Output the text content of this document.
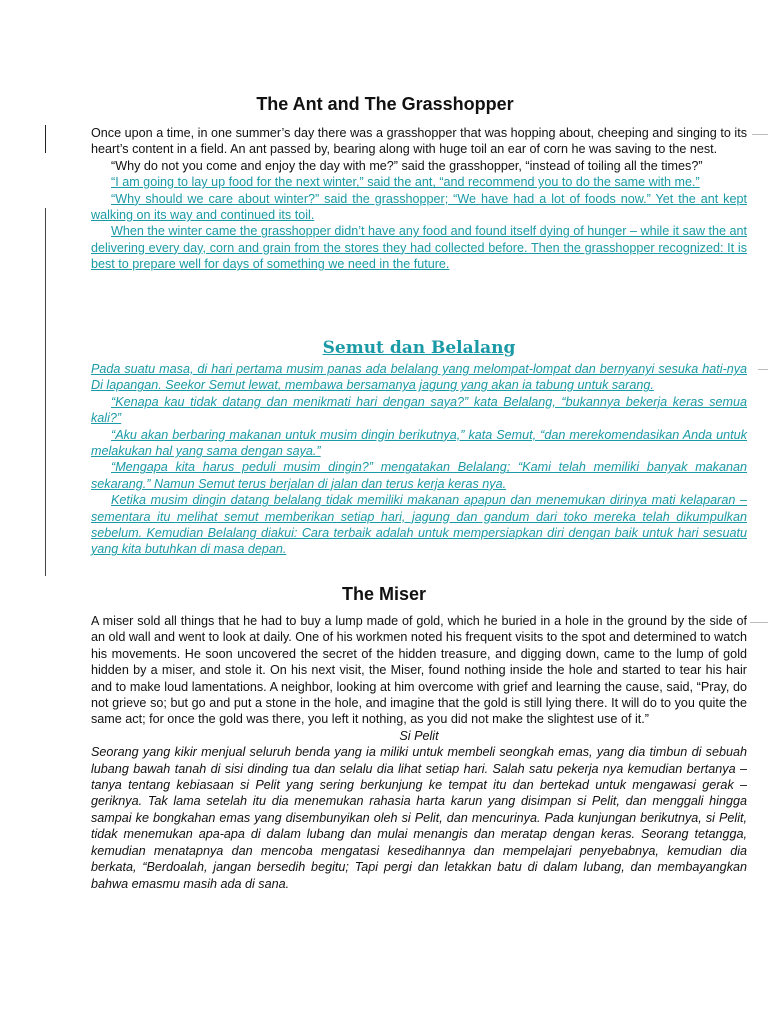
The Ant and The Grasshopper

Once upon a time, in one summer’s day there was a grasshopper that was hopping about, cheeping and singing to its heart’s content in a field. An ant passed by, bearing along with huge toil an ear of corn he was saving to the nest.

“Why do not you come and enjoy the day with me?” said the grasshopper, “instead of toiling all the times?”

“I am going to lay up food for the next winter,” said the ant, “and recommend you to do the same with me.”

“Why should we care about winter?” said the grasshopper; “We have had a lot of foods now.” Yet the ant kept walking on its way and continued its toil.

When the winter came the grasshopper didn’t have any food and found itself dying of hunger – while it saw the ant delivering every day, corn and grain from the stores they had collected before. Then the grasshopper recognized: It is best to prepare well for days of something we need in the future.

Semut dan Belalang

Pada suatu masa, di hari pertama musim panas ada belalang yang melompat-lompat dan bernyanyi sesuka hati-nya Di lapangan. Seekor Semut lewat, membawa bersamanya jagung yang akan ia tabung untuk sarang.

“Kenapa kau tidak datang dan menikmati hari dengan saya?” kata Belalang, “bukannya bekerja keras semua kali?”

“Aku akan berbaring makanan untuk musim dingin berikutnya,” kata Semut, “dan merekomendasikan Anda untuk melakukan hal yang sama dengan saya.”

“Mengapa kita harus peduli musim dingin?” mengatakan Belalang; “Kami telah memiliki banyak makanan sekarang.” Namun Semut terus berjalan di jalan dan terus kerja keras nya.

Ketika musim dingin datang belalang tidak memiliki makanan apapun dan menemukan dirinya mati kelaparan – sementara itu melihat semut memberikan setiap hari, jagung dan gandum dari toko mereka telah dikumpulkan sebelum. Kemudian Belalang diakui: Cara terbaik adalah untuk mempersiapkan diri dengan baik untuk hari sesuatu yang kita butuhkan di masa depan.

The Miser

A miser sold all things that he had to buy a lump made of gold, which he buried in a hole in the ground by the side of an old wall and went to look at daily. One of his workmen noted his frequent visits to the spot and determined to watch his movements. He soon uncovered the secret of the hidden treasure, and digging down, came to the lump of gold hidden by a miser, and stole it. On his next visit, the Miser, found nothing inside the hole and started to tear his hair and to make loud lamentations. A neighbor, looking at him overcome with grief and learning the cause, said, “Pray, do not grieve so; but go and put a stone in the hole, and imagine that the gold is still lying there. It will do to you quite the same act; for once the gold was there, you left it nothing, as you did not make the slightest use of it.”

Si Pelit

Seorang yang kikir menjual seluruh benda yang ia miliki untuk membeli seongkah emas, yang dia timbun di sebuah lubang bawah tanah di sisi dinding tua dan selalu dia lihat setiap hari. Salah satu pekerja nya kemudian bertanya – tanya tentang kebiasaan si Pelit yang sering berkunjung ke tempat itu dan bertekad untuk mengawasi gerak – geriknya. Tak lama setelah itu dia menemukan rahasia harta karun yang disimpan si Pelit, dan menggali hingga sampai ke bongkahan emas yang disembunyikan oleh si Pelit, dan mencurinya. Pada kunjungan berikutnya, si Pelit, tidak menemukan apa-apa di dalam lubang dan mulai menangis dan meratap dengan keras. Seorang tetangga, kemudian menatapnya dan mencoba mengatasi kesedihannya dan mempelajari penyebabnya, kemudian dia berkata, “Berdoalah, jangan bersedih begitu; Tapi pergi dan letakkan batu di dalam lubang, dan membayangkan bahwa emasmu masih ada di sana.
